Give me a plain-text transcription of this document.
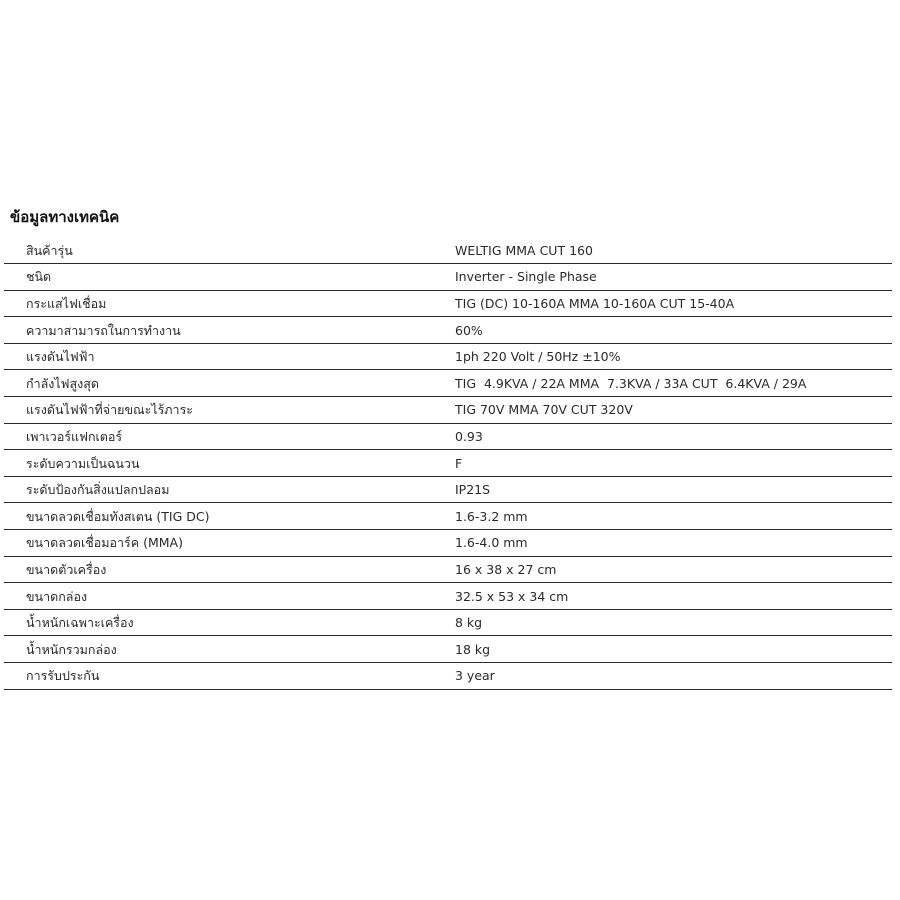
ข้อมูลทางเทคนิค
สินค้ารุ่น	WELTIG MMA CUT 160
ชนิด	Inverter - Single Phase
กระแสไฟเชื่อม	TIG (DC) 10-160A MMA 10-160A CUT 15-40A
ความาสามารถในการทำงาน	60%
แรงดันไฟฟ้า	1ph 220 Volt / 50Hz ±10%
กำลังไฟสูงสุด	TIG  4.9KVA / 22A MMA  7.3KVA / 33A CUT  6.4KVA / 29A
แรงดันไฟฟ้าที่จ่ายขณะไร้ภาระ	TIG 70V MMA 70V CUT 320V
เพาเวอร์แฟกเตอร์	0.93
ระดับความเป็นฉนวน	F
ระดับป้องกันสิ่งแปลกปลอม	IP21S
ขนาดลวดเชื่อมทังสเตน (TIG DC)	1.6-3.2 mm
ขนาดลวดเชื่อมอาร์ค (MMA)	1.6-4.0 mm
ขนาดตัวเครื่อง	16 x 38 x 27 cm
ขนาดกล่อง	32.5 x 53 x 34 cm
น้ำหนักเฉพาะเครื่อง	8 kg
น้ำหนักรวมกล่อง	18 kg
การรับประกัน	3 year
